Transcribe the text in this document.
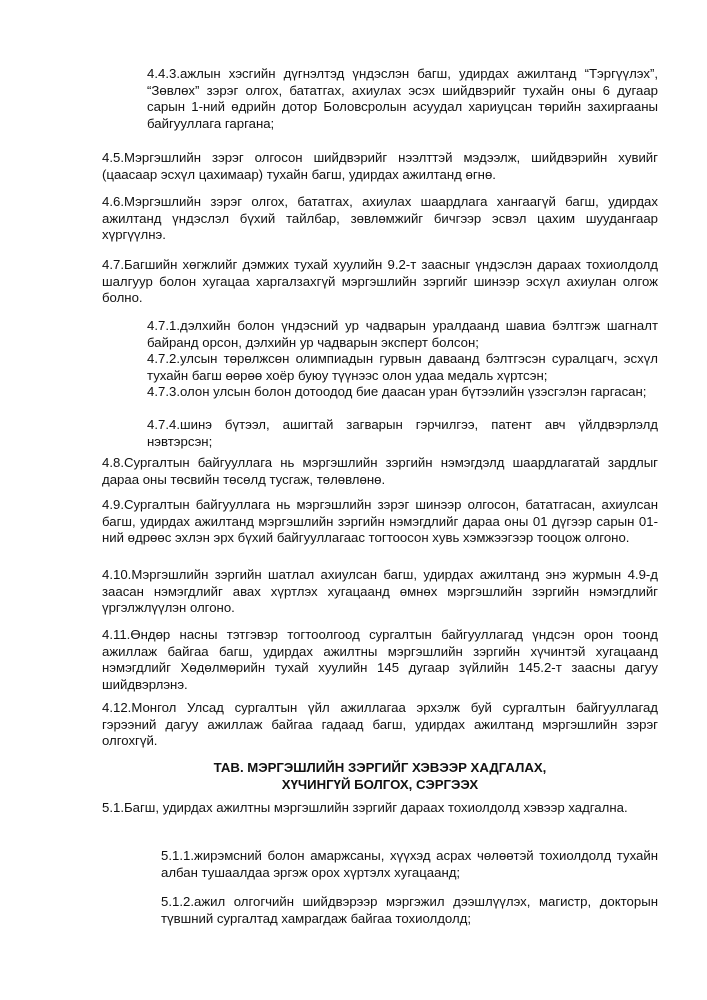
4.4.3.ажлын хэсгийн дүгнэлтэд үндэслэн багш, удирдах ажилтанд “Тэргүүлэх”, “Зөвлөх” зэрэг олгох, бататгах, ахиулах эсэх шийдвэрийг тухайн оны 6 дугаар сарын 1-ний өдрийн дотор Боловсролын асуудал хариуцсан төрийн захиргааны байгууллага гаргана;

4.5.Мэргэшлийн зэрэг олгосон шийдвэрийг нээлттэй мэдээлж, шийдвэрийн хувийг (цаасаар эсхүл цахимаар) тухайн багш, удирдах ажилтанд өгнө.

4.6.Мэргэшлийн зэрэг олгох, бататгах, ахиулах шаардлага хангаагүй багш, удирдах ажилтанд үндэслэл бүхий тайлбар, зөвлөмжийг бичгээр эсвэл цахим шуудангаар хүргүүлнэ.

4.7.Багшийн хөгжлийг дэмжих тухай хуулийн 9.2-т заасныг үндэслэн дараах тохиолдолд шалгуур болон хугацаа харгалзахгүй мэргэшлийн зэргийг шинээр эсхүл ахиулан олгож болно.

4.7.1.дэлхийн болон үндэсний ур чадварын уралдаанд шавиа бэлтгэж шагналт байранд орсон, дэлхийн ур чадварын эксперт болсон;

4.7.2.улсын төрөлжсөн олимпиадын гурвын даваанд бэлтгэсэн суралцагч, эсхүл тухайн багш өөрөө хоёр буюу түүнээс олон удаа медаль хүртсэн;

4.7.3.олон улсын болон дотоодод бие даасан уран бүтээлийн үзэсгэлэн гаргасан;

4.7.4.шинэ бүтээл, ашигтай загварын гэрчилгээ, патент авч үйлдвэрлэлд нэвтэрсэн;

4.8.Сургалтын байгууллага нь мэргэшлийн зэргийн нэмэгдэлд шаардлагатай зардлыг дараа оны төсвийн төсөлд тусгаж, төлөвлөнө.

4.9.Сургалтын байгууллага нь мэргэшлийн зэрэг шинээр олгосон, бататгасан, ахиулсан багш, удирдах ажилтанд мэргэшлийн зэргийн нэмэгдлийг дараа оны 01 дүгээр сарын 01-ний өдрөөс эхлэн эрх бүхий байгууллагаас тогтоосон хувь хэмжээгээр тооцож олгоно.

4.10.Мэргэшлийн зэргийн шатлал ахиулсан багш, удирдах ажилтанд энэ журмын 4.9-д заасан нэмэгдлийг авах хүртлэх хугацаанд өмнөх мэргэшлийн зэргийн нэмэгдлийг үргэлжлүүлэн олгоно.

4.11.Өндөр насны тэтгэвэр тогтоолгоод сургалтын байгууллагад үндсэн орон тоонд ажиллаж байгаа багш, удирдах ажилтны мэргэшлийн зэргийн хүчинтэй хугацаанд нэмэгдлийг Хөдөлмөрийн тухай хуулийн 145 дугаар зүйлийн 145.2-т заасны дагуу шийдвэрлэнэ.

4.12.Монгол Улсад сургалтын үйл ажиллагаа эрхэлж буй сургалтын байгууллагад гэрээний дагуу ажиллаж байгаа гадаад багш, удирдах ажилтанд мэргэшлийн зэрэг олгохгүй.

ТАВ. МЭРГЭШЛИЙН ЗЭРГИЙГ ХЭВЭЭР ХАДГАЛАХ,
ХҮЧИНГҮЙ БОЛГОХ, СЭРГЭЭХ

5.1.Багш, удирдах ажилтны мэргэшлийн зэргийг дараах тохиолдолд хэвээр хадгална.

5.1.1.жирэмсний болон амаржсаны, хүүхэд асрах чөлөөтэй тохиолдолд тухайн албан тушаалдаа эргэж орох хүртэлх хугацаанд;

5.1.2.ажил олгогчийн шийдвэрээр мэргэжил дээшлүүлэх, магистр, докторын түвшний сургалтад хамрагдаж байгаа тохиолдолд;
